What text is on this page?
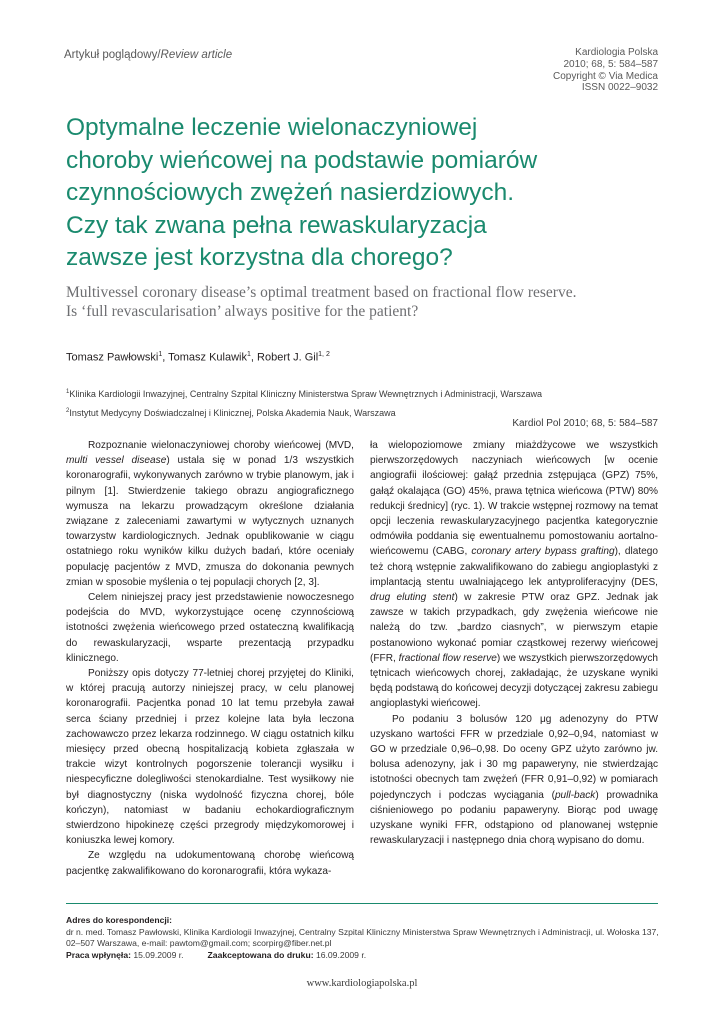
Artykuł poglądowy/Review article	Kardiologia Polska
2010; 68, 5: 584–587
Copyright © Via Medica
ISSN 0022–9032
Optymalne leczenie wielonaczyniowej
choroby wieńcowej na podstawie pomiarów
czynnościowych zwężeń nasierdziowych.
Czy tak zwana pełna rewaskularyzacja
zawsze jest korzystna dla chorego?
Multivessel coronary disease’s optimal treatment based on fractional flow reserve.
Is ‘full revascularisation’ always positive for the patient?
Tomasz Pawłowski$^1$, Tomasz Kulawik$^1$, Robert J. Gil$^{1, 2}$
$^1$Klinika Kardiologii Inwazyjnej, Centralny Szpital Kliniczny Ministerstwa Spraw Wewnętrznych i Administracji, Warszawa
$^2$Instytut Medycyny Doświadczalnej i Klinicznej, Polska Akademia Nauk, Warszawa
Kardiol Pol 2010; 68, 5: 584–587

Rozpoznanie wielonaczyniowej choroby wieńcowej (MVD, multi vessel disease) ustala się w ponad 1/3 wszystkich koronarografii, wykonywanych zarówno w trybie planowym, jak i pilnym [1]. Stwierdzenie takiego obrazu angiograficznego wymusza na lekarzu prowadzącym określone działania związane z zaleceniami zawartymi w wytycznych uznanych towarzystw kardiologicznych. Jednak opublikowanie w ciągu ostatniego roku wyników kilku dużych badań, które oceniały populację pacjentów z MVD, zmusza do dokonania pewnych zmian w sposobie myślenia o tej populacji chorych [2, 3].

Celem niniejszej pracy jest przedstawienie nowoczesnego podejścia do MVD, wykorzystujące ocenę czynnościową istotności zwężenia wieńcowego przed ostateczną kwalifikacją do rewaskularyzacji, wsparte prezentacją przypadku klinicznego.

Poniższy opis dotyczy 77-letniej chorej przyjętej do Kliniki, w której pracują autorzy niniejszej pracy, w celu planowej koronarografii. Pacjentka ponad 10 lat temu przebyła zawał serca ściany przedniej i przez kolejne lata była leczona zachowawczo przez lekarza rodzinnego. W ciągu ostatnich kilku miesięcy przed obecną hospitalizacją kobieta zgłaszała w trakcie wizyt kontrolnych pogorszenie tolerancji wysiłku i niespecyficzne dolegliwości stenokardialne. Test wysiłkowy nie był diagnostyczny (niska wydolność fizyczna chorej, bóle kończyn), natomiast w badaniu echokardiograficznym stwierdzono hipokinezę części przegrody międzykomorowej i koniuszka lewej komory.

Ze względu na udokumentowaną chorobę wieńcową pacjentkę zakwalifikowano do koronarografii, która wykaza-

ła wielopoziomowe zmiany miażdżycowe we wszystkich pierwszorzędowych naczyniach wieńcowych [w ocenie angiografii ilościowej: gałąź przednia zstępująca (GPZ) 75%, gałąź okalająca (GO) 45%, prawa tętnica wieńcowa (PTW) 80% redukcji średnicy] (ryc. 1). W trakcie wstępnej rozmowy na temat opcji leczenia rewaskularyzacyjnego pacjentka kategorycznie odmówiła poddania się ewentualnemu pomostowaniu aortalno-wieńcowemu (CABG, coronary artery bypass grafting), dlatego też chorą wstępnie zakwalifikowano do zabiegu angioplastyki z implantacją stentu uwalniającego lek antyproliferacyjny (DES, drug eluting stent) w zakresie PTW oraz GPZ. Jednak jak zawsze w takich przypadkach, gdy zwężenia wieńcowe nie należą do tzw. „bardzo ciasnych”, w pierwszym etapie postanowiono wykonać pomiar cząstkowej rezerwy wieńcowej (FFR, fractional flow reserve) we wszystkich pierwszorzędowych tętnicach wieńcowych chorej, zakładając, że uzyskane wyniki będą podstawą do końcowej decyzji dotyczącej zakresu zabiegu angioplastyki wieńcowej.

Po podaniu 3 bolusów 120 μg adenozyny do PTW uzyskano wartości FFR w przedziale 0,92–0,94, natomiast w GO w przedziale 0,96–0,98. Do oceny GPZ użyto zarówno jw. bolusa adenozyny, jak i 30 mg papaweryny, nie stwierdzając istotności obecnych tam zwężeń (FFR 0,91–0,92) w pomiarach pojedynczych i podczas wyciągania (pull-back) prowadnika ciśnieniowego po podaniu papaweryny. Biorąc pod uwagę uzyskane wyniki FFR, odstąpiono od planowanej wstępnie rewaskularyzacji i następnego dnia chorą wypisano do domu.

Adres do korespondencji:
dr n. med. Tomasz Pawłowski, Klinika Kardiologii Inwazyjnej, Centralny Szpital Kliniczny Ministerstwa Spraw Wewnętrznych i Administracji, ul. Wołoska 137, 02–507 Warszawa, e-mail: pawtom@gmail.com; scorpirg@fiber.net.pl
Praca wpłynęła: 15.09.2009 r.	Zaakceptowana do druku: 16.09.2009 r.
www.kardiologiapolska.pl
